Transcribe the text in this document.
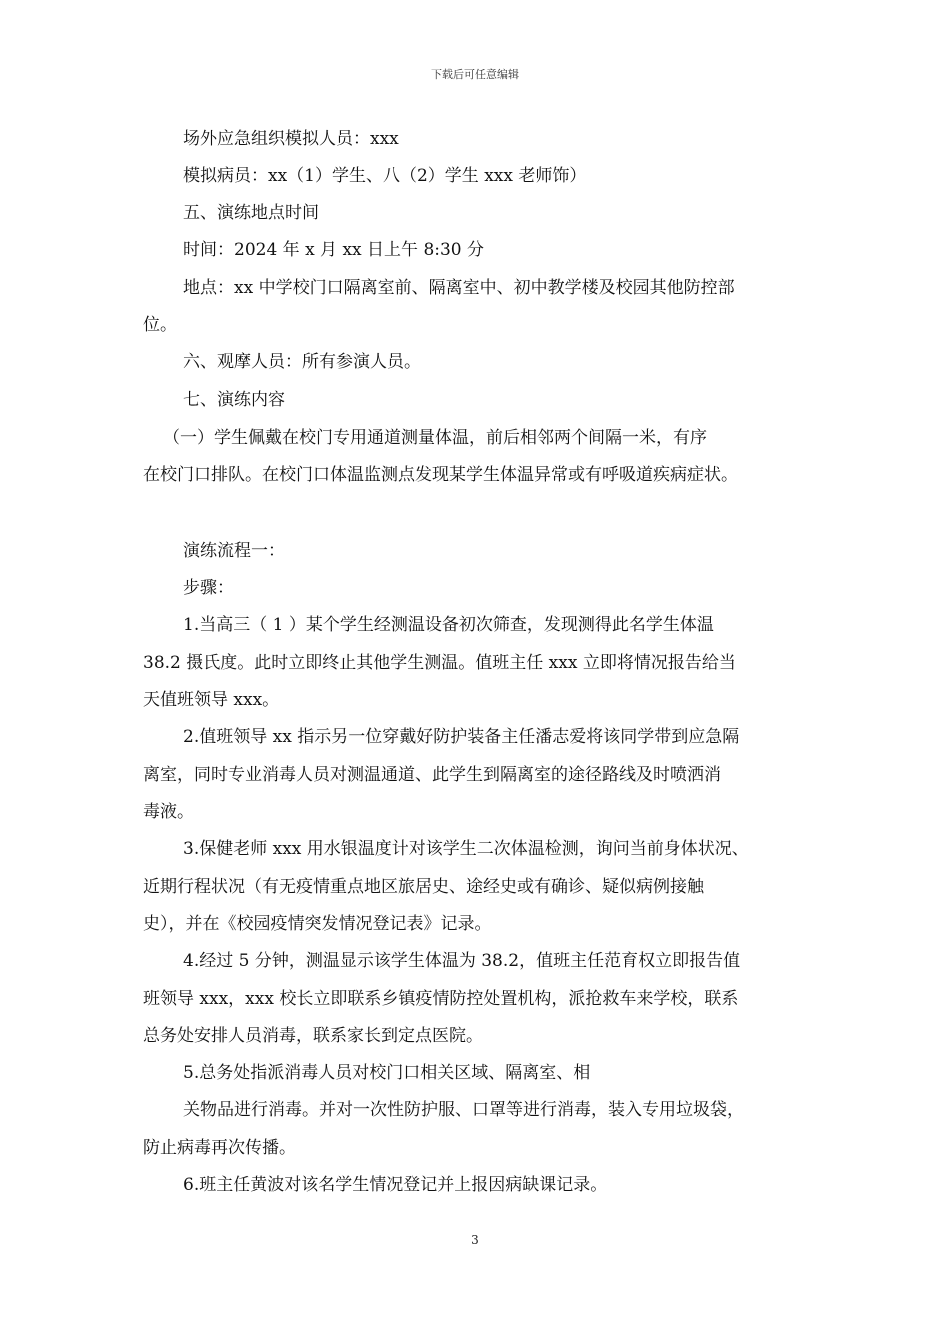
下载后可任意编辑
场外应急组织模拟人员：xxx
模拟病员：xx（1）学生、八（2）学生 xxx 老师饰）
五、演练地点时间
时间：2024 年 x 月 xx 日上午 8:30 分
地点：xx 中学校门口隔离室前、隔离室中、初中教学楼及校园其他防控部
位。
六、观摩人员：所有参演人员。
七、演练内容
（一）学生佩戴在校门专用通道测量体温，前后相邻两个间隔一米，有序
在校门口排队。在校门口体温监测点发现某学生体温异常或有呼吸道疾病症状。
演练流程一：
步骤：
1.当高三（ 1 ）某个学生经测温设备初次筛查，发现测得此名学生体温
38.2 摄氏度。此时立即终止其他学生测温。值班主任 xxx 立即将情况报告给当
天值班领导 xxx。
2.值班领导 xx 指示另一位穿戴好防护装备主任潘志爱将该同学带到应急隔
离室，同时专业消毒人员对测温通道、此学生到隔离室的途径路线及时喷洒消
毒液。
3.保健老师 xxx 用水银温度计对该学生二次体温检测，询问当前身体状况、
近期行程状况（有无疫情重点地区旅居史、途经史或有确诊、疑似病例接触
史），并在《校园疫情突发情况登记表》记录。
4.经过 5 分钟，测温显示该学生体温为 38.2，值班主任范育权立即报告值
班领导 xxx，xxx 校长立即联系乡镇疫情防控处置机构，派抢救车来学校，联系
总务处安排人员消毒，联系家长到定点医院。
5.总务处指派消毒人员对校门口相关区域、隔离室、相
关物品进行消毒。并对一次性防护服、口罩等进行消毒，装入专用垃圾袋，
防止病毒再次传播。
6.班主任黄波对该名学生情况登记并上报因病缺课记录。
3
